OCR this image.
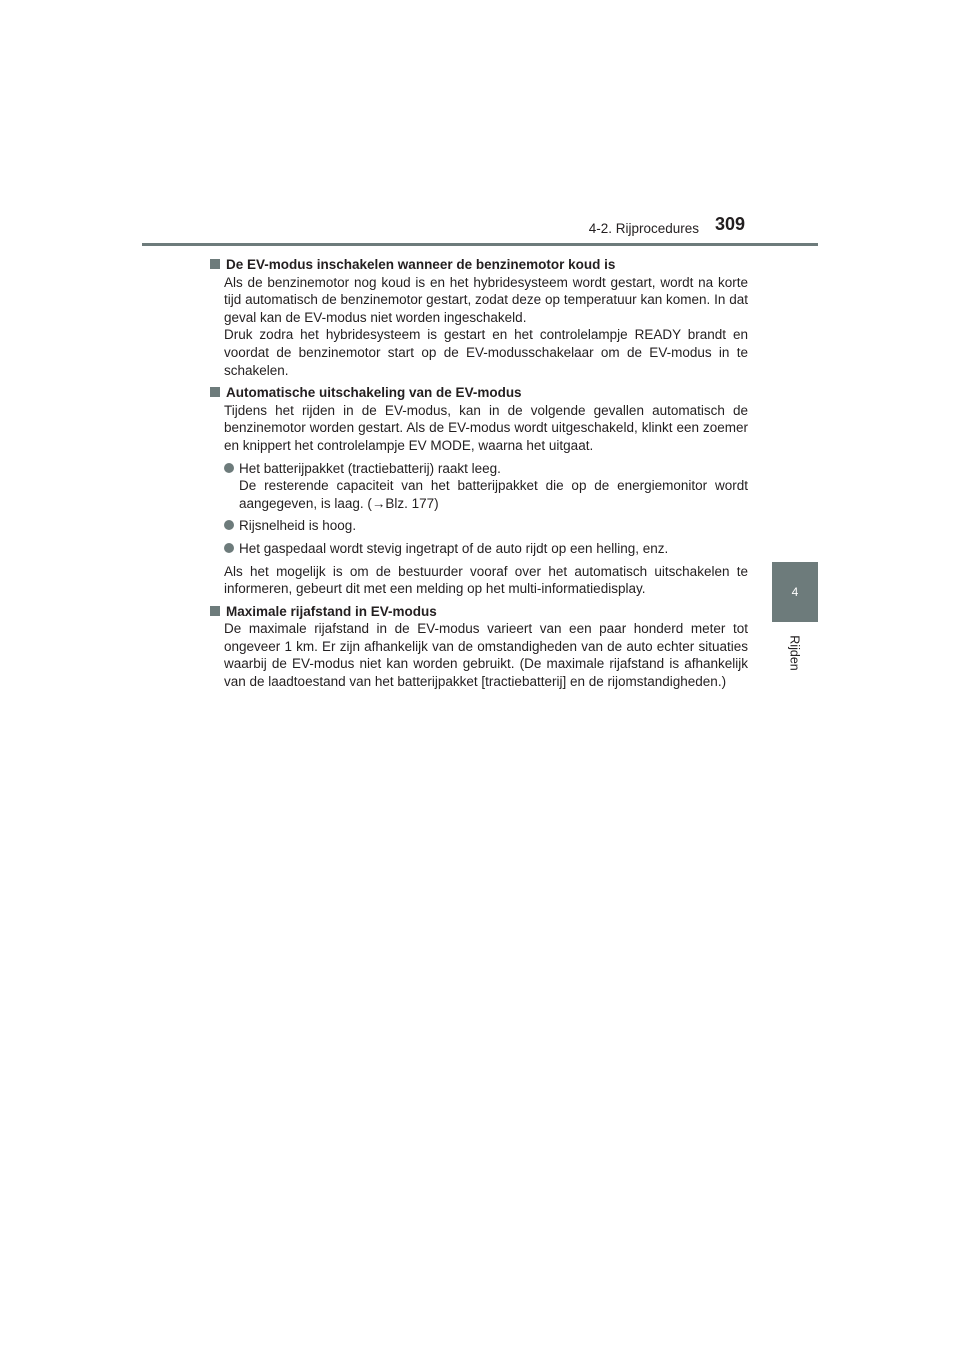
4-2. Rijprocedures 309
4
Rijden
De EV-modus inschakelen wanneer de benzinemotor koud is
Als de benzinemotor nog koud is en het hybridesysteem wordt gestart, wordt na korte tijd automatisch de benzinemotor gestart, zodat deze op temperatuur kan komen. In dat geval kan de EV-modus niet worden ingeschakeld.
Druk zodra het hybridesysteem is gestart en het controlelampje READY brandt en voordat de benzinemotor start op de EV-modusschakelaar om de EV-modus in te schakelen.
Automatische uitschakeling van de EV-modus
Tijdens het rijden in de EV-modus, kan in de volgende gevallen automatisch de benzinemotor worden gestart. Als de EV-modus wordt uitgeschakeld, klinkt een zoemer en knippert het controlelampje EV MODE, waarna het uitgaat.
Het batterijpakket (tractiebatterij) raakt leeg.
De resterende capaciteit van het batterijpakket die op de energiemonitor wordt aangegeven, is laag. (→Blz. 177)
Rijsnelheid is hoog.
Het gaspedaal wordt stevig ingetrapt of de auto rijdt op een helling, enz.
Als het mogelijk is om de bestuurder vooraf over het automatisch uitschakelen te informeren, gebeurt dit met een melding op het multi-informatiedisplay.
Maximale rijafstand in EV-modus
De maximale rijafstand in de EV-modus varieert van een paar honderd meter tot ongeveer 1 km. Er zijn afhankelijk van de omstandigheden van de auto echter situaties waarbij de EV-modus niet kan worden gebruikt. (De maximale rijafstand is afhankelijk van de laadtoestand van het batterijpakket [tractiebatterij] en de rijomstandigheden.)
